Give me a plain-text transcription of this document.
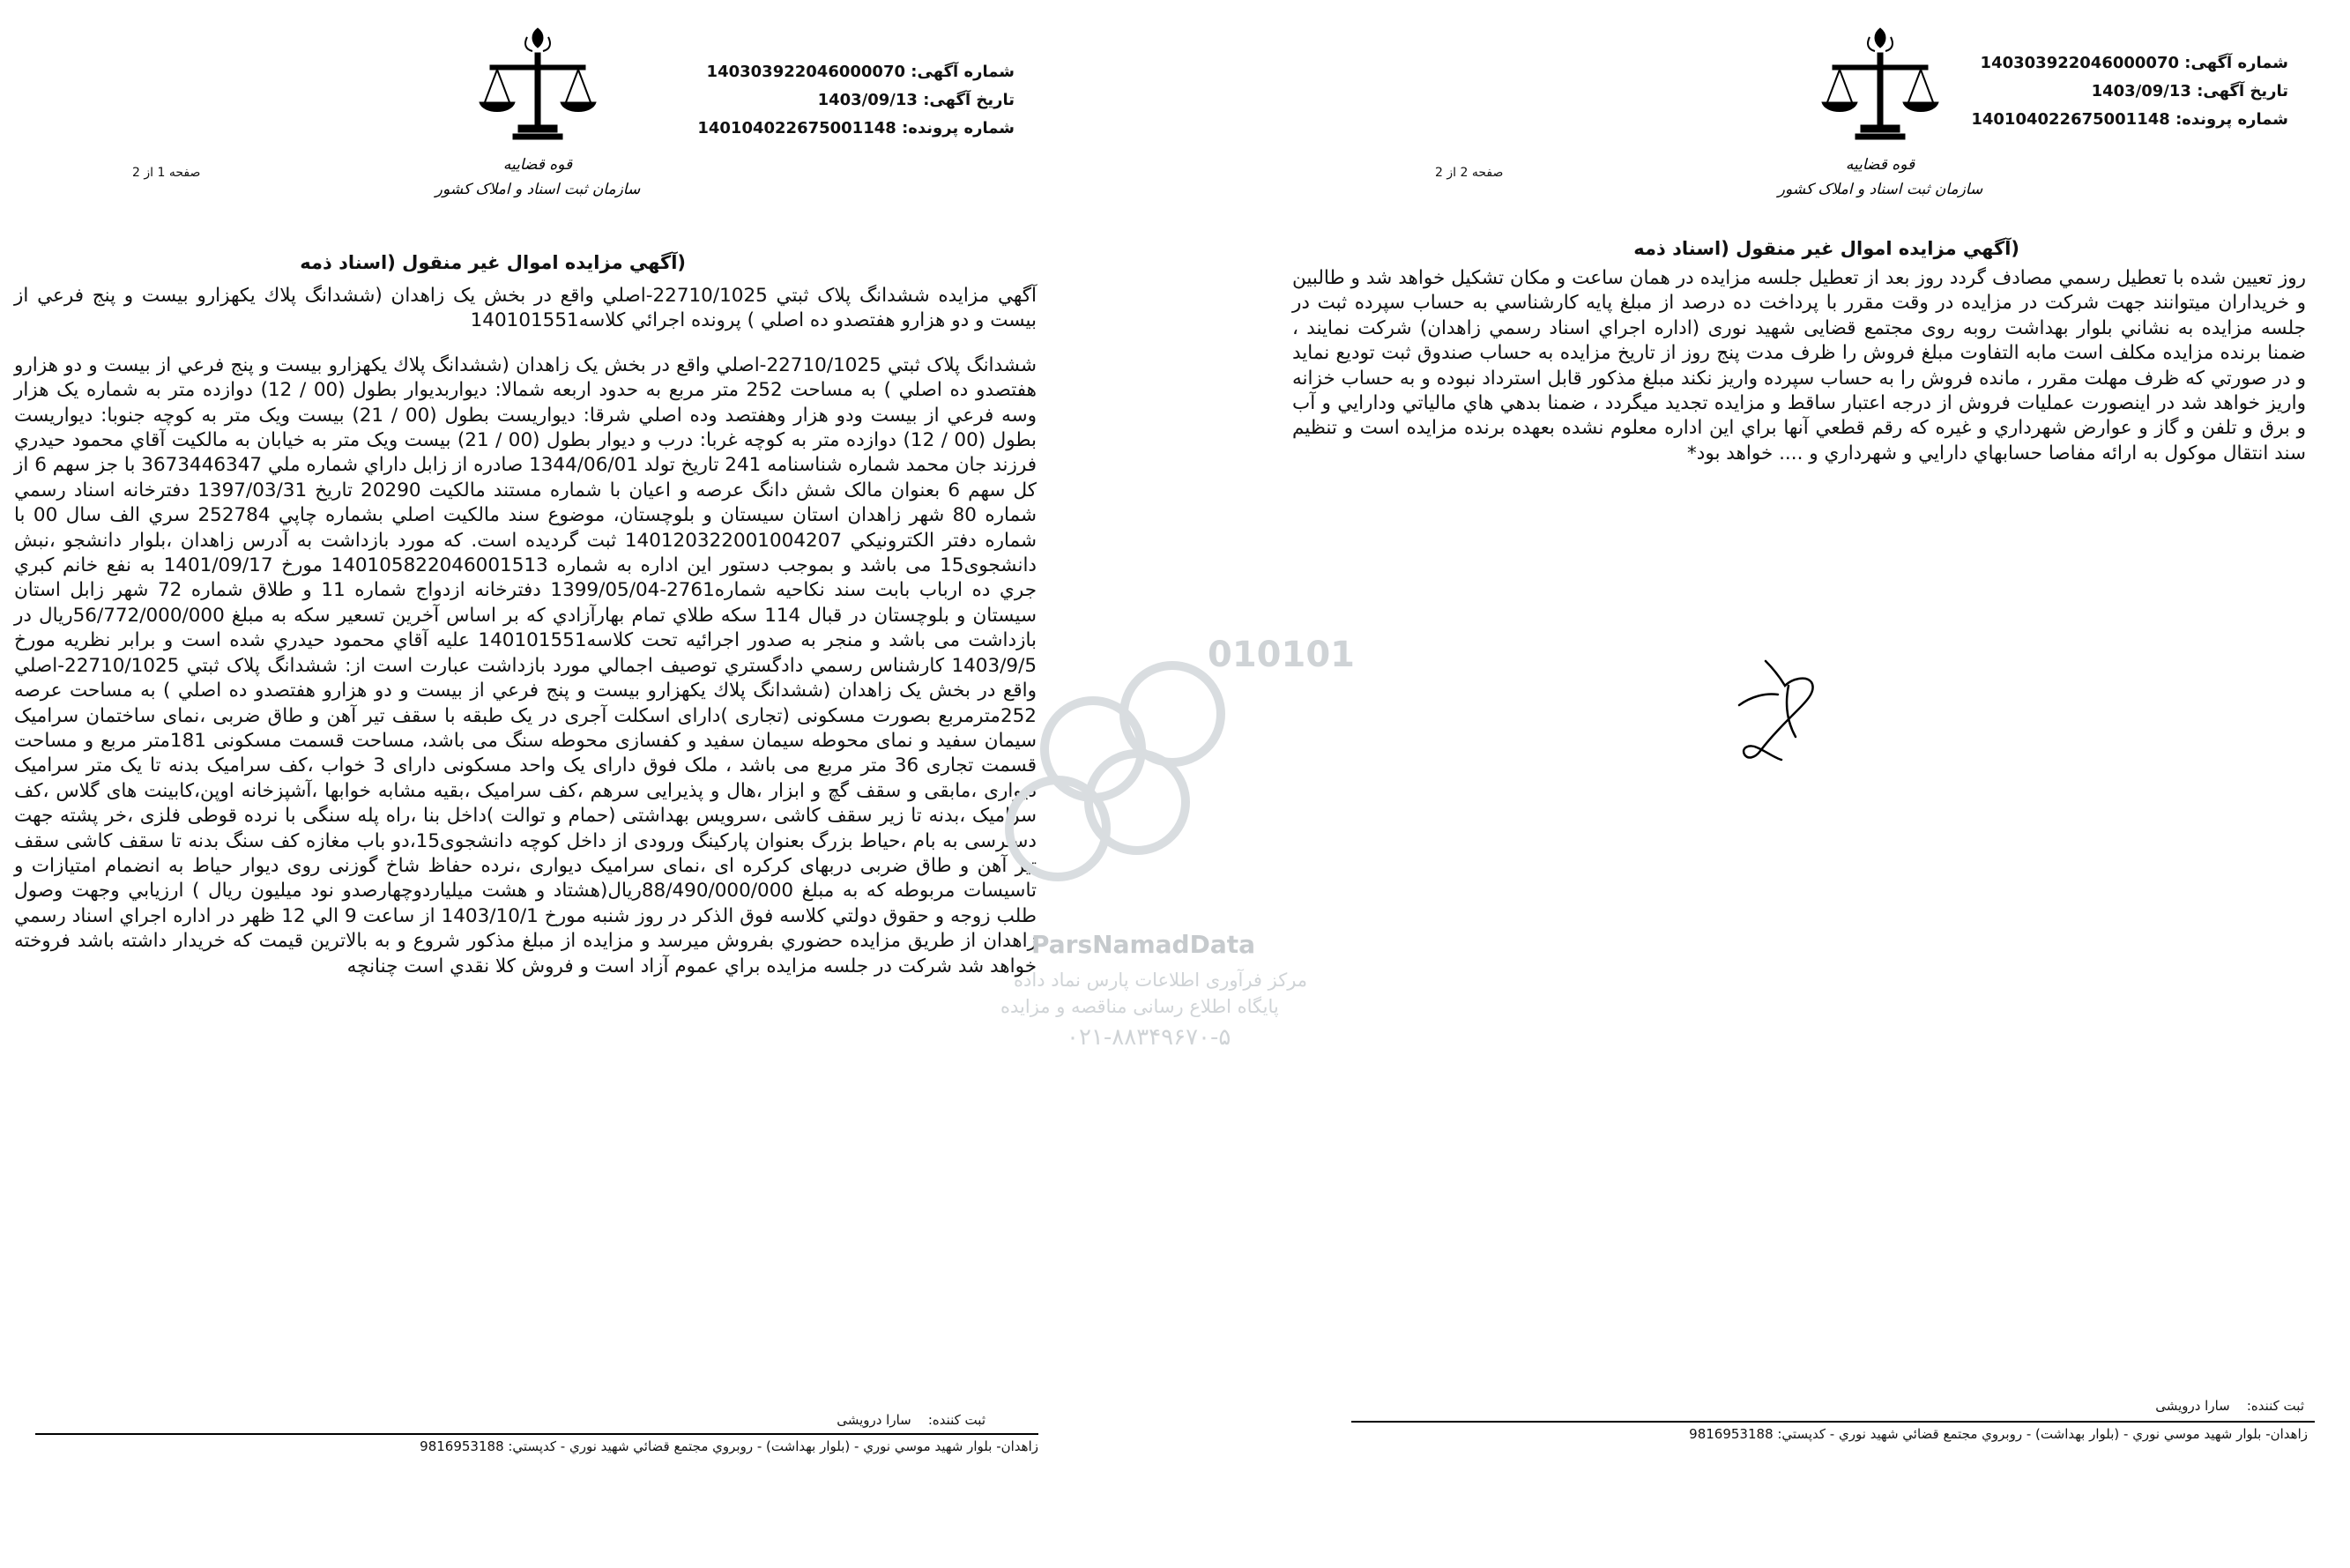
قوه قضاییه
سازمان ثبت اسناد و املاک کشور
شماره آگهی: 140303922046000070
تاریخ آگهی: 1403/09/13
شماره پرونده: 140104022675001148
صفحه 1 از 2
(آگهي مزايده اموال غير منقول (اسناد ذمه

آگهي مزايده ششدانگ پلاک ثبتي 22710/1025-اصلي واقع در بخش يک زاهدان (ششدانگ پلاك يكهزارو بيست و پنج فرعي از بيست و دو هزارو هفتصدو ده اصلي ) پرونده اجرائي كلاسه140101551

ششدانگ پلاک ثبتي 22710/1025-اصلي واقع در بخش يک زاهدان (ششدانگ پلاك يكهزارو بيست و پنج فرعي از بيست و دو هزارو هفتصدو ده اصلي ) به مساحت 252 متر مربع به حدود اربعه شمالا: ديواربديوار بطول (00 / 12) دوازده متر به شماره يک هزار وسه فرعي از بيست ودو هزار وهفتصد وده اصلي شرقا: ديواريست بطول (00 / 21) بيست ويک متر به کوچه جنوبا: ديواريست بطول (00 / 12) دوازده متر به کوچه غربا: درب و ديوار بطول (00 / 21) بيست ويک متر به خيابان به مالکيت آقاي محمود حيدري فرزند جان محمد شماره شناسنامه 241 تاريخ تولد 1344/06/01 صادره از زابل داراي شماره ملي 3673446347 با جز سهم 6 از کل سهم 6 بعنوان مالک شش دانگ عرصه و اعيان با شماره مستند مالکيت 20290 تاريخ 1397/03/31 دفترخانه اسناد رسمي شماره 80 شهر زاهدان استان سيستان و بلوچستان، موضوع سند مالکيت اصلي بشماره چاپي 252784 سري الف سال 00 با شماره دفتر الکترونيکي 140120322001004207 ثبت گرديده است. که مورد بازداشت به آدرس زاهدان ،بلوار دانشجو ،نبش دانشجوی15 می باشد و بموجب دستور اين اداره به شماره 140105822046001513 مورخ 1401/09/17 به نفع خانم كبري جري ده ارباب بابت سند نكاحيه شماره2761-1399/05/04 دفترخانه ازدواج شماره 11 و طلاق شماره 72 شهر زابل استان سيستان و بلوچستان در قبال 114 سکه طلاي تمام بهارآزادي که بر اساس آخرين تسعير سکه به مبلغ 56/772/000/000ريال در بازداشت می باشد و منجر به صدور اجرائيه تحت كلاسه140101551 عليه آقاي محمود حيدري شده است و برابر نظريه مورخ 1403/9/5 كارشناس رسمي دادگستري توصيف اجمالي مورد بازداشت عبارت است از: ششدانگ پلاک ثبتي 22710/1025-اصلي واقع در بخش يک زاهدان (ششدانگ پلاك يكهزارو بيست و پنج فرعي از بيست و دو هزارو هفتصدو ده اصلي ) به مساحت عرصه 252مترمربع بصورت مسکونی (تجاری )دارای اسکلت آجری در یک طبقه با سقف تیر آهن و طاق ضربی ،نمای ساختمان سرامیک سیمان سفید و نمای محوطه سیمان سفید و کفسازی محوطه سنگ می باشد، مساحت قسمت مسکونی 181متر مربع و مساحت قسمت تجاری 36 متر مربع می باشد ، ملک فوق دارای یک واحد مسکونی دارای 3 خواب ،کف سرامیک بدنه تا یک متر سرامیک دیواری ،مابقی و سقف گچ و ابزار ،هال و پذیرایی سرهم ،کف سرامیک ،بقیه مشابه خوابها ،آشپزخانه اوپن،کابینت های گلاس ،کف سرامیک ،بدنه تا زیر سقف کاشی ،سرویس بهداشتی (حمام و توالت )داخل بنا ،راه پله سنگی با نرده قوطی فلزی ،خر پشته جهت دسترسی به بام ،حیاط بزرگ بعنوان پارکینگ ورودی از داخل کوچه دانشجوی15،دو باب مغازه کف سنگ بدنه تا سقف کاشی سقف تیر آهن و طاق ضربی دربهای کرکره ای ،نمای سرامیک دیواری ،نرده حفاظ شاخ گوزنی روی دیوار حیاط به انضمام امتیازات و تاسیسات مربوطه که به مبلغ 88/490/000/000ريال(هشتاد و هشت ميلياردوچهارصدو نود ميليون ريال ) ارزيابي وجهت وصول طلب زوجه و حقوق دولتي كلاسه فوق الذكر در روز شنبه مورخ 1403/10/1 از ساعت 9 الي 12 ظهر در اداره اجراي اسناد رسمي زاهدان از طريق مزايده حضوري بفروش ميرسد و مزايده از مبلغ مذكور شروع و به بالاترين قيمت كه خريدار داشته باشد فروخته خواهد شد شركت در جلسه مزايده براي عموم آزاد است و فروش كلا نقدي است چنانچه

ثبت کننده:    سارا درویشی
زاهدان- بلوار شهيد موسي نوري - (بلوار بهداشت) - روبروي مجتمع قضائي شهيد نوري - كدپستي: 9816953188
قوه قضاییه
سازمان ثبت اسناد و املاک کشور
شماره آگهی: 140303922046000070
تاریخ آگهی: 1403/09/13
شماره پرونده: 140104022675001148
صفحه 2 از 2
(آگهي مزايده اموال غير منقول (اسناد ذمه

روز تعيين شده با تعطيل رسمي مصادف گردد روز بعد از تعطيل جلسه مزايده در همان ساعت و مكان تشكيل خواهد شد و طالبين و خريداران ميتوانند جهت شركت در مزايده در وقت مقرر با پرداخت ده درصد از مبلغ پايه كارشناسي به حساب سپرده ثبت در جلسه مزايده به نشاني بلوار بهداشت روبه روی مجتمع قضایی شهید نوری (اداره اجراي اسناد رسمي زاهدان) شركت نمايند ، ضمنا برنده مزايده مكلف است مابه التفاوت مبلغ فروش را ظرف مدت پنج روز از تاريخ مزايده به حساب صندوق ثبت توديع نمايد و در صورتي كه ظرف مهلت مقرر ، مانده فروش را به حساب سپرده واريز نكند مبلغ مذكور قابل استرداد نبوده و به حساب خزانه واريز خواهد شد در اينصورت عمليات فروش از درجه اعتبار ساقط و مزايده تجديد ميگردد ، ضمنا بدهي هاي مالياتي ودارايي و آب و برق و تلفن و گاز و عوارض شهرداري و غيره كه رقم قطعي آنها براي اين اداره معلوم نشده بعهده برنده مزايده است و تنظيم سند انتقال موكول به ارائه مفاصا حسابهاي دارايي و شهرداري و .... خواهد بود*

ثبت کننده:    سارا درویشی
زاهدان- بلوار شهيد موسي نوري - (بلوار بهداشت) - روبروي مجتمع قضائي شهيد نوري - كدپستي: 9816953188
010101
ParsNamadData
مرکز فرآوری اطلاعات پارس نماد داده
پایگاه اطلاع رسانی مناقصه و مزایده
۰۲۱-۸۸۳۴۹۶۷۰-۵
